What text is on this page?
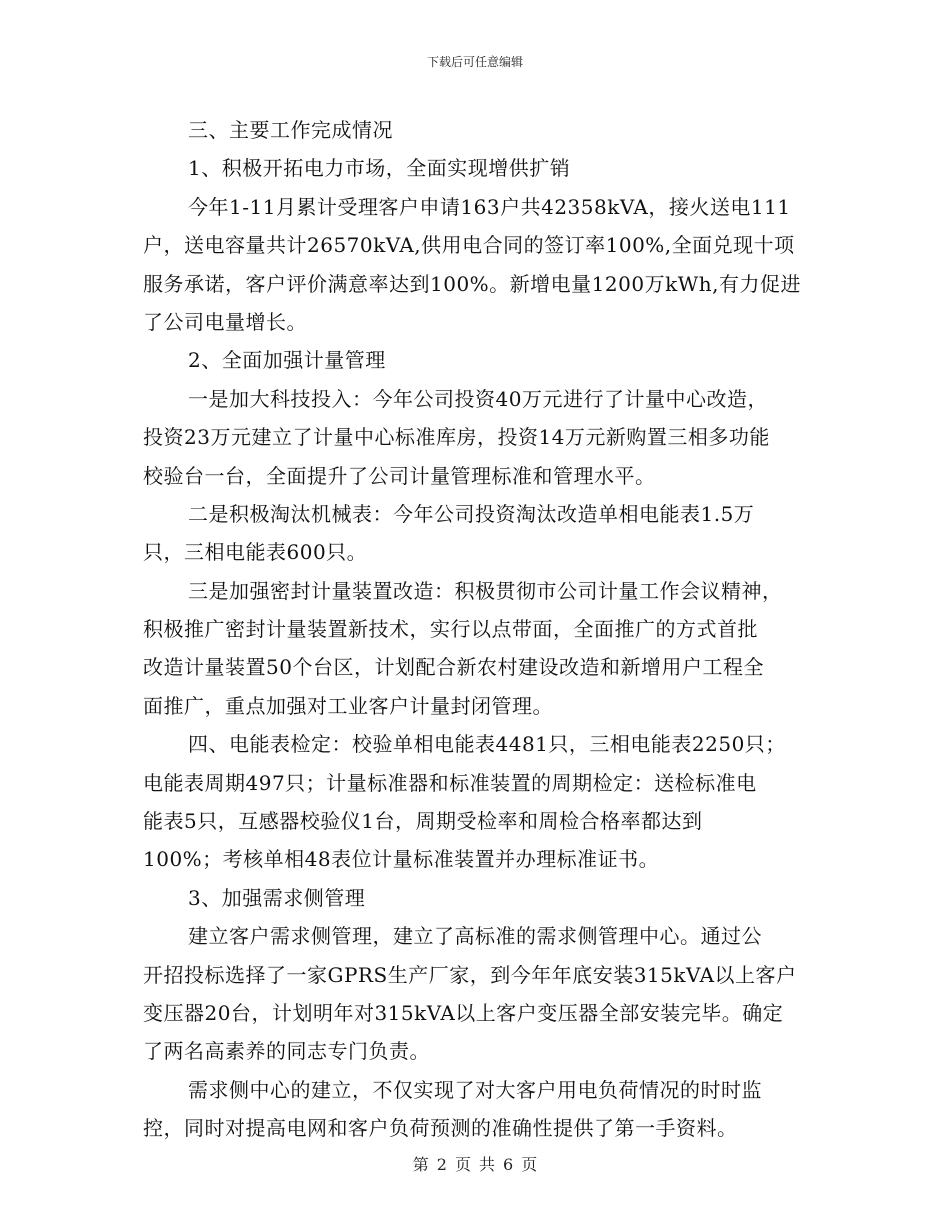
下载后可任意编辑
三、主要工作完成情况
1、积极开拓电力市场，全面实现增供扩销
今年1-11月累计受理客户申请163户共42358kVA，接火送电111
户，送电容量共计26570kVA,供用电合同的签订率100%,全面兑现十项
服务承诺，客户评价满意率达到100%。新增电量1200万kWh,有力促进
了公司电量增长。
2、全面加强计量管理
一是加大科技投入：今年公司投资40万元进行了计量中心改造，
投资23万元建立了计量中心标准库房，投资14万元新购置三相多功能
校验台一台，全面提升了公司计量管理标准和管理水平。
二是积极淘汰机械表：今年公司投资淘汰改造单相电能表1.5万
只，三相电能表600只。
三是加强密封计量装置改造：积极贯彻市公司计量工作会议精神，
积极推广密封计量装置新技术，实行以点带面，全面推广的方式首批
改造计量装置50个台区，计划配合新农村建设改造和新增用户工程全
面推广，重点加强对工业客户计量封闭管理。
四、电能表检定：校验单相电能表4481只，三相电能表2250只；
电能表周期497只；计量标准器和标准装置的周期检定：送检标准电
能表5只，互感器校验仪1台，周期受检率和周检合格率都达到
100%；考核单相48表位计量标准装置并办理标准证书。
3、加强需求侧管理
建立客户需求侧管理，建立了高标准的需求侧管理中心。通过公
开招投标选择了一家GPRS生产厂家，到今年年底安装315kVA以上客户
变压器20台，计划明年对315kVA以上客户变压器全部安装完毕。确定
了两名高素养的同志专门负责。
需求侧中心的建立，不仅实现了对大客户用电负荷情况的时时监
控，同时对提高电网和客户负荷预测的准确性提供了第一手资料。
第 2 页 共 6 页
